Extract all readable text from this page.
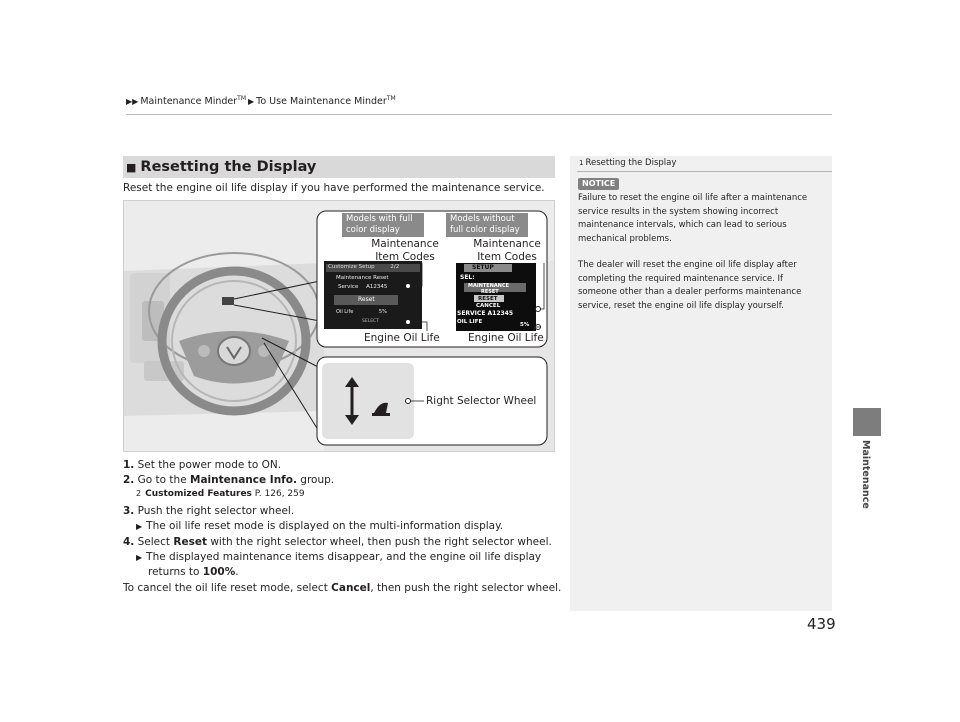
▶▶ Maintenance Minder™ ▶ To Use Maintenance Minder™
Maintenance
■ Resetting the Display
Reset the engine oil life display if you have performed the maintenance service.
Models with full
color display
Models without
full color display
Maintenance
Item Codes
Maintenance
Item Codes
Customize Setup	2/2
Maintenance Reset
Service A12345
Reset
Oil Life	5%
SELECT
SETUP
SEL:
MAINTENANCE
RESET
RESET
CANCEL
SERVICE A12345
OIL LIFE	5%
Engine Oil Life	Engine Oil Life
Right Selector Wheel
1. Set the power mode to ON.
2. Go to the Maintenance Info. group.
2 Customized Features P. 126, 259
3. Push the right selector wheel.
▶ The oil life reset mode is displayed on the multi-information display.
4. Select Reset with the right selector wheel, then push the right selector wheel.
▶ The displayed maintenance items disappear, and the engine oil life display
returns to 100%.
To cancel the oil life reset mode, select Cancel, then push the right selector wheel.
1 Resetting the Display
NOTICE
Failure to reset the engine oil life after a maintenance
service results in the system showing incorrect
maintenance intervals, which can lead to serious
mechanical problems.
The dealer will reset the engine oil life display after
completing the required maintenance service. If
someone other than a dealer performs maintenance
service, reset the engine oil life display yourself.
439
